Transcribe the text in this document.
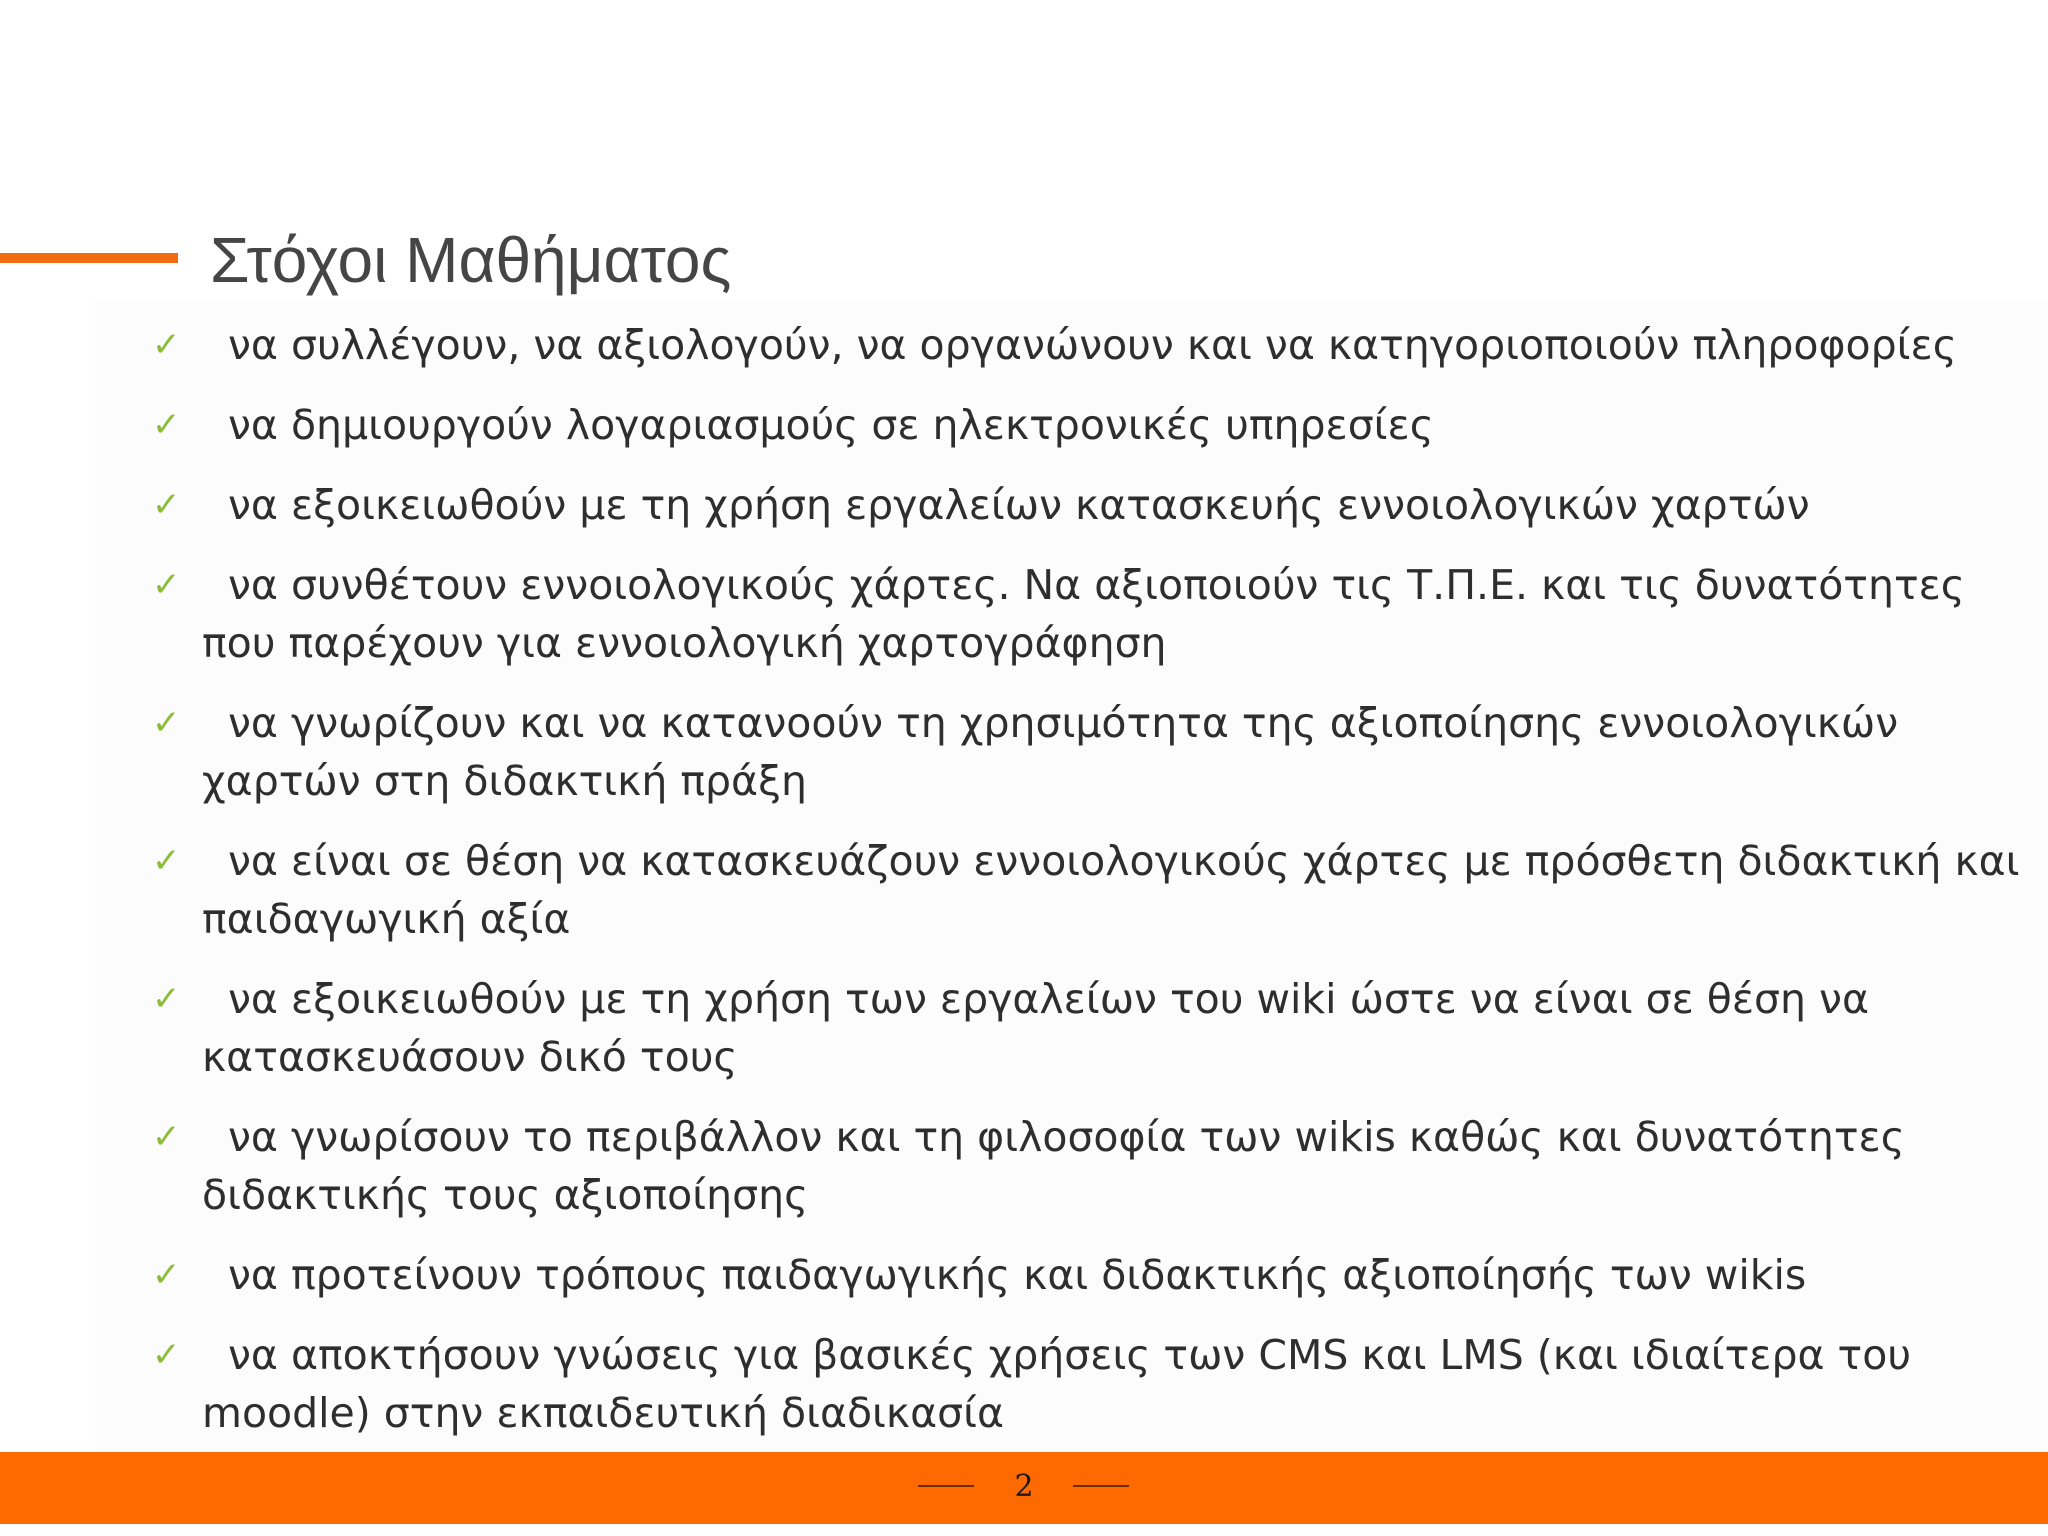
Στόχοι Μαθήματος
✓	να συλλέγουν, να αξιολογούν, να οργανώνουν και να κατηγοριοποιούν πληροφορίες
✓	να δημιουργούν λογαριασμούς σε ηλεκτρονικές υπηρεσίες
✓	να εξοικειωθούν με τη χρήση εργαλείων κατασκευής εννοιολογικών χαρτών
✓	να συνθέτουν εννοιολογικούς χάρτες. Να αξιοποιούν τις Τ.Π.Ε. και τις δυνατότητες που παρέχουν για εννοιολογική χαρτογράφηση
✓	να γνωρίζουν και να κατανοούν τη χρησιμότητα της αξιοποίησης εννοιολογικών χαρτών στη διδακτική πράξη
✓	να είναι σε θέση να κατασκευάζουν εννοιολογικούς χάρτες με πρόσθετη διδακτική και παιδαγωγική αξία
✓	να εξοικειωθούν με τη χρήση των εργαλείων του wiki ώστε να είναι σε θέση να κατασκευάσουν δικό τους
✓	να γνωρίσουν το περιβάλλον και τη φιλοσοφία των wikis καθώς και δυνατότητες διδακτικής τους αξιοποίησης
✓	να προτείνουν τρόπους παιδαγωγικής και διδακτικής αξιοποίησής των wikis
✓	να αποκτήσουν γνώσεις για βασικές χρήσεις των CMS και LMS (και ιδιαίτερα του moodle) στην εκπαιδευτική διαδικασία
2
